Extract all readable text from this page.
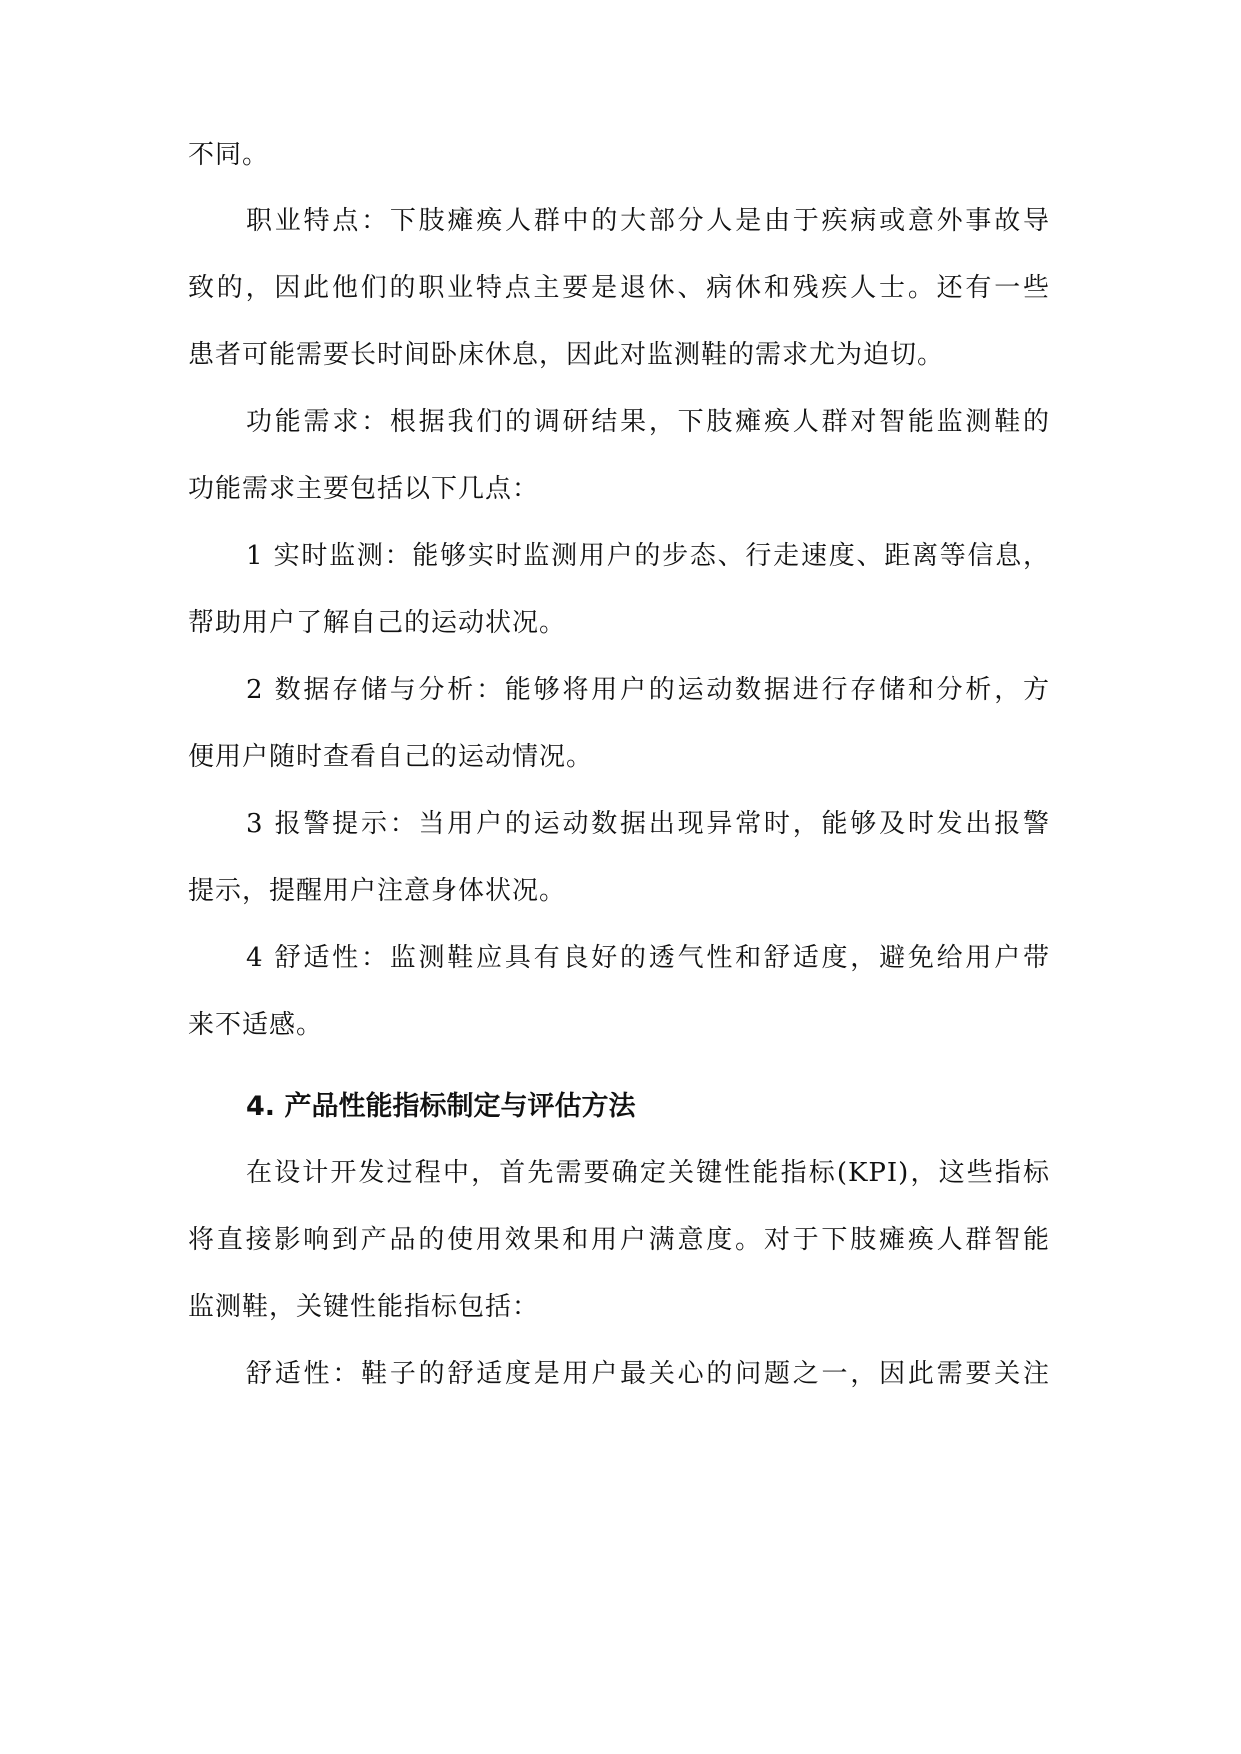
不同。
职业特点：下肢瘫痪人群中的大部分人是由于疾病或意外事故导
致的，因此他们的职业特点主要是退休、病休和残疾人士。还有一些
患者可能需要长时间卧床休息，因此对监测鞋的需求尤为迫切。
功能需求：根据我们的调研结果，下肢瘫痪人群对智能监测鞋的
功能需求主要包括以下几点：
1 实时监测：能够实时监测用户的步态、行走速度、距离等信息，
帮助用户了解自己的运动状况。
2 数据存储与分析：能够将用户的运动数据进行存储和分析，方
便用户随时查看自己的运动情况。
3 报警提示：当用户的运动数据出现异常时，能够及时发出报警
提示，提醒用户注意身体状况。
4 舒适性：监测鞋应具有良好的透气性和舒适度，避免给用户带
来不适感。
4. 产品性能指标制定与评估方法
在设计开发过程中，首先需要确定关键性能指标(KPI)，这些指标
将直接影响到产品的使用效果和用户满意度。对于下肢瘫痪人群智能
监测鞋，关键性能指标包括：
舒适性：鞋子的舒适度是用户最关心的问题之一，因此需要关注
